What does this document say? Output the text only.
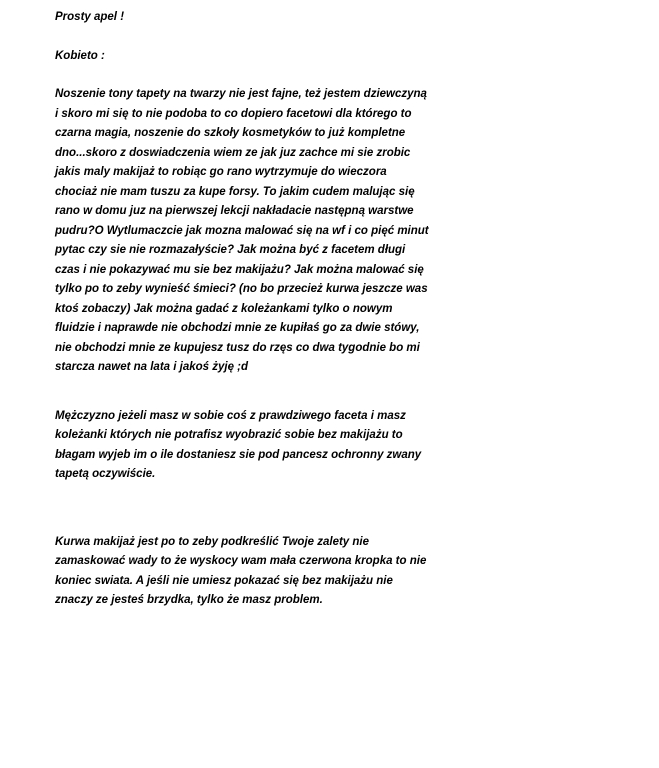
Prosty apel !

Kobieto :

Noszenie tony tapety na twarzy nie jest fajne, też jestem dziewczyną i skoro mi się to nie podoba to co dopiero facetowi dla którego to czarna magia, noszenie do szkoły kosmetyków to już kompletne dno...skoro z doswiadczenia wiem ze jak juz zachce mi sie zrobic jakis maly makijaż to robiąc go rano wytrzymuje do wieczora chociaż nie mam tuszu za kupe forsy. To jakim cudem malując się rano w domu juz na pierwszej lekcji nakładacie następną warstwe pudru?O Wytlumaczcie jak mozna malować się na wf i co pięć minut pytac czy sie nie rozmazałyście? Jak można być z facetem długi czas i nie pokazywać mu sie bez makijażu? Jak można malować się tylko po to zeby wynieść śmieci? (no bo przecież kurwa jeszcze was ktoś zobaczy) Jak można gadać z koleżankami tylko o nowym fluidzie i naprawde nie obchodzi mnie ze kupiłaś go za dwie stówy, nie obchodzi mnie ze kupujesz tusz do rzęs co dwa tygodnie bo mi starcza nawet na lata i jakoś żyję ;d

Mężczyzno jeżeli masz w sobie coś z prawdziwego faceta i masz koleżanki których nie potrafisz wyobrazić sobie bez makijażu to błagam wyjeb im o ile dostaniesz sie pod pancesz ochronny zwany tapetą oczywiście.

Kurwa makijaż jest po to zeby podkreślić Twoje zalety nie zamaskować wady to że wyskocy wam mała czerwona kropka to nie koniec swiata. A jeśli nie umiesz pokazać się bez makijażu nie znaczy ze jesteś brzydka, tylko że masz problem.
